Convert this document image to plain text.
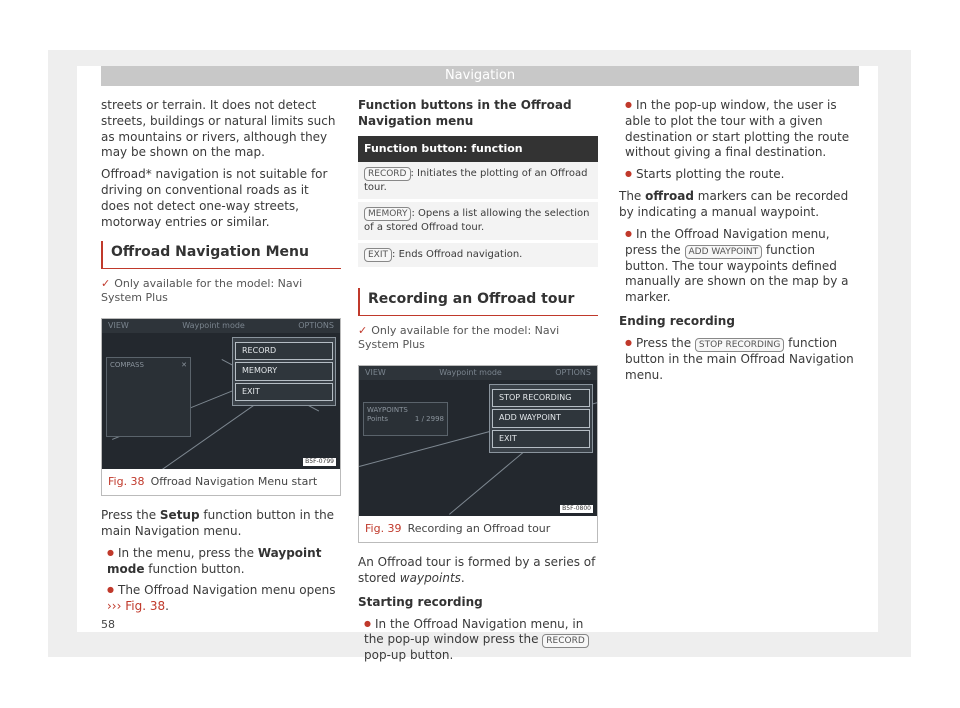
Navigation

streets or terrain. It does not detect streets, buildings or natural limits such as mountains or rivers, although they may be shown on the map.

Offroad* navigation is not suitable for driving on conventional roads as it does not detect one-way streets, motorway entries or similar.

Offroad Navigation Menu
✓ Only available for the model: Navi System Plus
VIEW	Waypoint mode	OPTIONS
COMPASS	✕
RECORD
MEMORY
EXIT
B5F-0799
Fig. 38 Offroad Navigation Menu start

Press the Setup function button in the main Navigation menu.

● In the menu, press the Waypoint mode function button.

● The Offroad Navigation menu opens
››› Fig. 38.

Function buttons in the Offroad Navigation menu

Function button: function
RECORD : Initiates the plotting of an Offroad tour.
MEMORY : Opens a list allowing the selection of a stored Offroad tour.
EXIT : Ends Offroad navigation.
Recording an Offroad tour
✓ Only available for the model: Navi System Plus
VIEW	Waypoint mode	OPTIONS
WAYPOINTS
Points	1 / 2998
STOP RECORDING
ADD WAYPOINT
EXIT
B5F-0800
Fig. 39 Recording an Offroad tour

An Offroad tour is formed by a series of stored waypoints.

Starting recording

● In the Offroad Navigation menu, in the pop-up window press the RECORD pop-up button.

● In the pop-up window, the user is able to plot the tour with a given destination or start plotting the route without giving a final destination.

● Starts plotting the route.

The offroad markers can be recorded by indicating a manual waypoint.

● In the Offroad Navigation menu, press the ADD WAYPOINT function button. The tour waypoints defined manually are shown on the map by a marker.

Ending recording

● Press the STOP RECORDING function button in the main Offroad Navigation menu.

58
